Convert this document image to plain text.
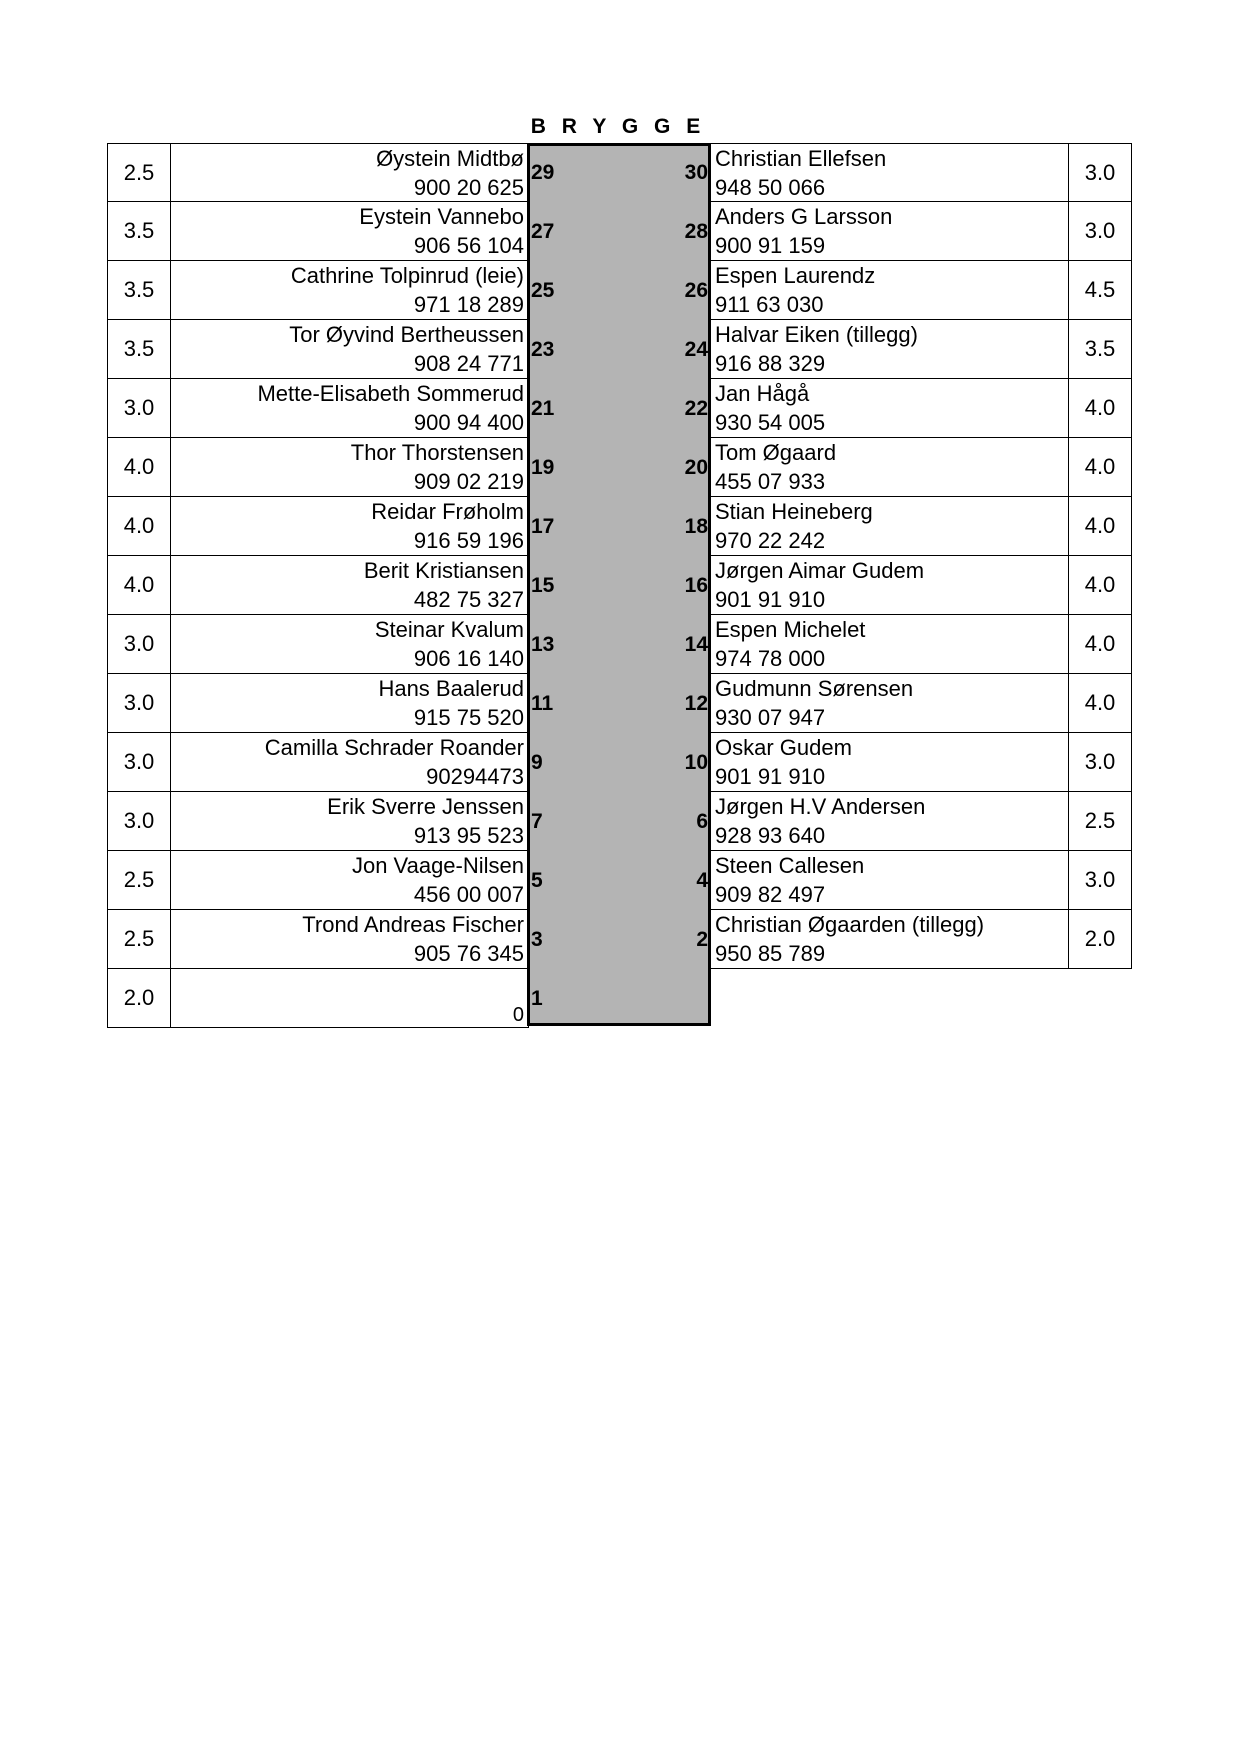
B R Y G G E
2.5
Øystein Midtbø
900 20 625
29
3.5
Eystein Vannebo
906 56 104
27
3.5
Cathrine Tolpinrud (leie)
971 18 289
25
3.5
Tor Øyvind Bertheussen
908 24 771
23
3.0
Mette-Elisabeth Sommerud
900 94 400
21
4.0
Thor Thorstensen
909 02 219
19
4.0
Reidar Frøholm
916 59 196
17
4.0
Berit Kristiansen
482 75 327
15
3.0
Steinar Kvalum
906 16 140
13
3.0
Hans Baalerud
915 75 520
11
3.0
Camilla Schrader Roander
90294473
9
3.0
Erik Sverre Jenssen
913 95 523
7
2.5
Jon Vaage-Nilsen
456 00 007
5
2.5
Trond Andreas Fischer
905 76 345
3
2.0

0
1
Christian Ellefsen
948 50 066
3.0
30
Anders G Larsson
900 91 159
3.0
28
Espen Laurendz
911 63 030
4.5
26
Halvar Eiken (tillegg)
916 88 329
3.5
24
Jan Hågå
930 54 005
4.0
22
Tom Øgaard
455 07 933
4.0
20
Stian Heineberg
970 22 242
4.0
18
Jørgen Aimar Gudem
901 91 910
4.0
16
Espen Michelet
974 78 000
4.0
14
Gudmunn Sørensen
930 07 947
4.0
12
Oskar Gudem
901 91 910
3.0
10
Jørgen H.V Andersen
928 93 640
2.5
6
Steen Callesen
909 82 497
3.0
4
Christian Øgaarden (tillegg)
950 85 789
2.0
2
